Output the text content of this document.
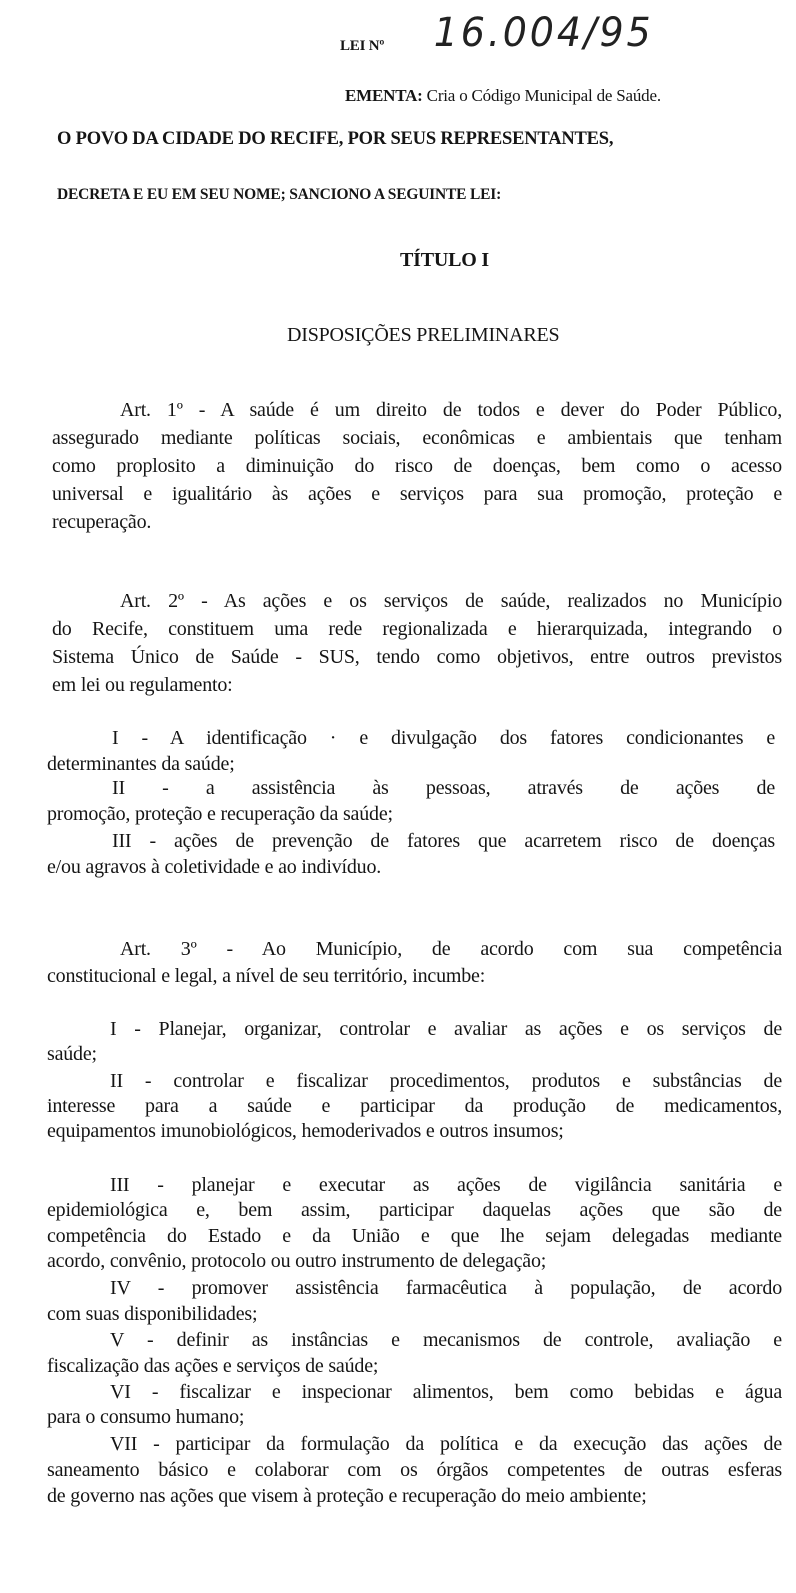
LEI Nº 16.004/95
EMENTA: Cria o Código Municipal de Saúde.
O POVO DA CIDADE DO RECIFE, POR SEUS REPRESENTANTES,
DECRETA E EU EM SEU NOME; SANCIONO A SEGUINTE LEI:
TÍTULO I
DISPOSIÇÕES PRELIMINARES
Art. 1º - A saúde é um direito de todos e dever do Poder Público,
assegurado mediante políticas sociais, econômicas e ambientais que tenham
como proplosito a diminuição do risco de doenças, bem como o acesso
universal e igualitário às ações e serviços para sua promoção, proteção e
recuperação.
Art. 2º - As ações e os serviços de saúde, realizados no Município
do Recife, constituem uma rede regionalizada e hierarquizada, integrando o
Sistema Único de Saúde - SUS, tendo como objetivos, entre outros previstos
em lei ou regulamento:
I - A identificação · e divulgação dos fatores condicionantes e
determinantes da saúde;
II - a assistência às pessoas, através de ações de
promoção, proteção e recuperação da saúde;
III - ações de prevenção de fatores que acarretem risco de doenças
e/ou agravos à coletividade e ao indivíduo.
Art. 3º - Ao Município, de acordo com sua competência
constitucional e legal, a nível de seu território, incumbe:
I - Planejar, organizar, controlar e avaliar as ações e os serviços de
saúde;
II - controlar e fiscalizar procedimentos, produtos e substâncias de
interesse para a saúde e participar da produção de medicamentos,
equipamentos imunobiológicos, hemoderivados e outros insumos;
III - planejar e executar as ações de vigilância sanitária e
epidemiológica e, bem assim, participar daquelas ações que são de
competência do Estado e da União e que lhe sejam delegadas mediante
acordo, convênio, protocolo ou outro instrumento de delegação;
IV - promover assistência farmacêutica à população, de acordo
com suas disponibilidades;
V - definir as instâncias e mecanismos de controle, avaliação e
fiscalização das ações e serviços de saúde;
VI - fiscalizar e inspecionar alimentos, bem como bebidas e água
para o consumo humano;
VII - participar da formulação da política e da execução das ações de
saneamento básico e colaborar com os órgãos competentes de outras esferas
de governo nas ações que visem à proteção e recuperação do meio ambiente;
